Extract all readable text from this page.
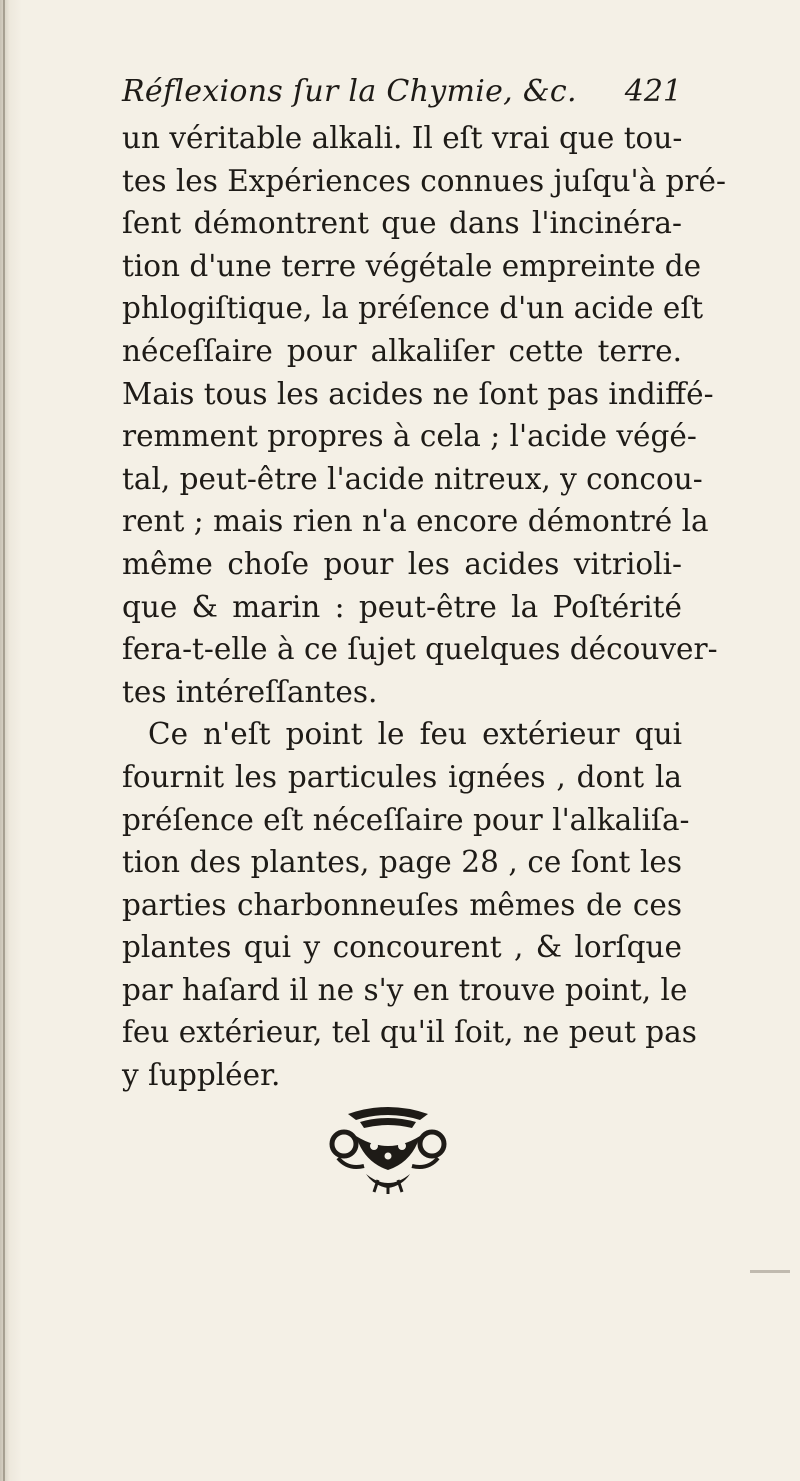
Réflexions ſur la Chymie, &c. 421
un véritable alkali. Il eſt vrai que tou-
tes les Expériences connues juſqu'à pré-
ſent démontrent que dans l'incinéra-
tion d'une terre végétale empreinte de
phlogiſtique, la préſence d'un acide eſt
néceſſaire pour alkaliſer cette terre.
Mais tous les acides ne ſont pas indiffé-
remment propres à cela ; l'acide végé-
tal, peut-être l'acide nitreux, y concou-
rent ; mais rien n'a encore démontré la
même choſe pour les acides vitrioli-
que & marin : peut-être la Poſtérité
fera-t-elle à ce ſujet quelques découver-
tes intéreſſantes.
Ce n'eſt point le feu extérieur qui
fournit les particules ignées , dont la
préſence eſt néceſſaire pour l'alkaliſa-
tion des plantes, page 28 , ce ſont les
parties charbonneuſes mêmes de ces
plantes qui y concourent , & lorſque
par haſard il ne s'y en trouve point, le
feu extérieur, tel qu'il ſoit, ne peut pas
y ſuppléer.
